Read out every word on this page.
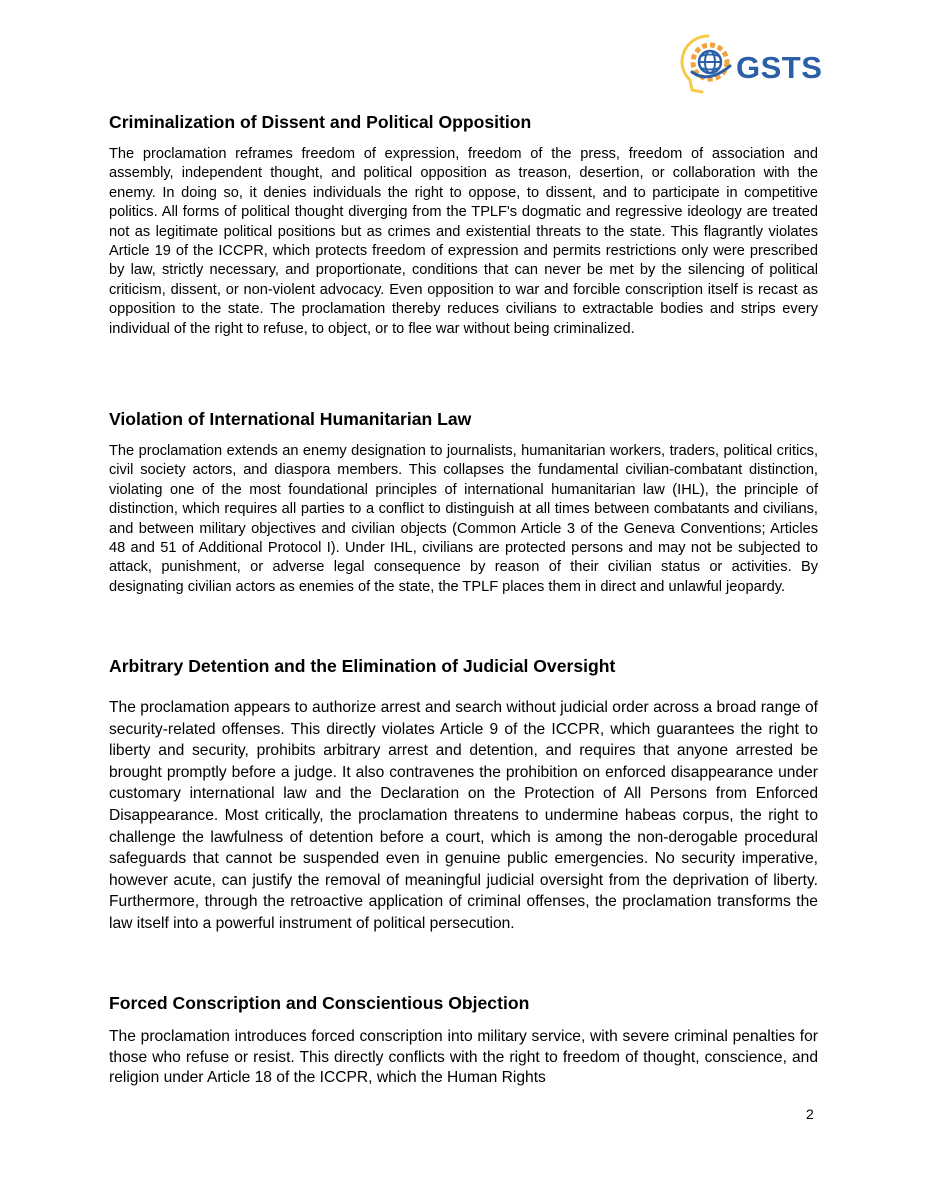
GSTS
Criminalization of Dissent and Political Opposition

The proclamation reframes freedom of expression, freedom of the press, freedom of association and assembly, independent thought, and political opposition as treason, desertion, or collaboration with the enemy. In doing so, it denies individuals the right to oppose, to dissent, and to participate in competitive politics. All forms of political thought diverging from the TPLF's dogmatic and regressive ideology are treated not as legitimate political positions but as crimes and existential threats to the state. This flagrantly violates Article 19 of the ICCPR, which protects freedom of expression and permits restrictions only were prescribed by law, strictly necessary, and proportionate, conditions that can never be met by the silencing of political criticism, dissent, or non-violent advocacy. Even opposition to war and forcible conscription itself is recast as opposition to the state. The proclamation thereby reduces civilians to extractable bodies and strips every individual of the right to refuse, to object, or to flee war without being criminalized.

Violation of International Humanitarian Law

The proclamation extends an enemy designation to journalists, humanitarian workers, traders, political critics, civil society actors, and diaspora members. This collapses the fundamental civilian-combatant distinction, violating one of the most foundational principles of international humanitarian law (IHL), the principle of distinction, which requires all parties to a conflict to distinguish at all times between combatants and civilians, and between military objectives and civilian objects (Common Article 3 of the Geneva Conventions; Articles 48 and 51 of Additional Protocol I). Under IHL, civilians are protected persons and may not be subjected to attack, punishment, or adverse legal consequence by reason of their civilian status or activities. By designating civilian actors as enemies of the state, the TPLF places them in direct and unlawful jeopardy.

Arbitrary Detention and the Elimination of Judicial Oversight

The proclamation appears to authorize arrest and search without judicial order across a broad range of security-related offenses. This directly violates Article 9 of the ICCPR, which guarantees the right to liberty and security, prohibits arbitrary arrest and detention, and requires that anyone arrested be brought promptly before a judge. It also contravenes the prohibition on enforced disappearance under customary international law and the Declaration on the Protection of All Persons from Enforced Disappearance. Most critically, the proclamation threatens to undermine habeas corpus, the right to challenge the lawfulness of detention before a court, which is among the non-derogable procedural safeguards that cannot be suspended even in genuine public emergencies. No security imperative, however acute, can justify the removal of meaningful judicial oversight from the deprivation of liberty. Furthermore, through the retroactive application of criminal offenses, the proclamation transforms the law itself into a powerful instrument of political persecution.

Forced Conscription and Conscientious Objection

The proclamation introduces forced conscription into military service, with severe criminal penalties for those who refuse or resist. This directly conflicts with the right to freedom of thought, conscience, and religion under Article 18 of the ICCPR, which the Human Rights

2
